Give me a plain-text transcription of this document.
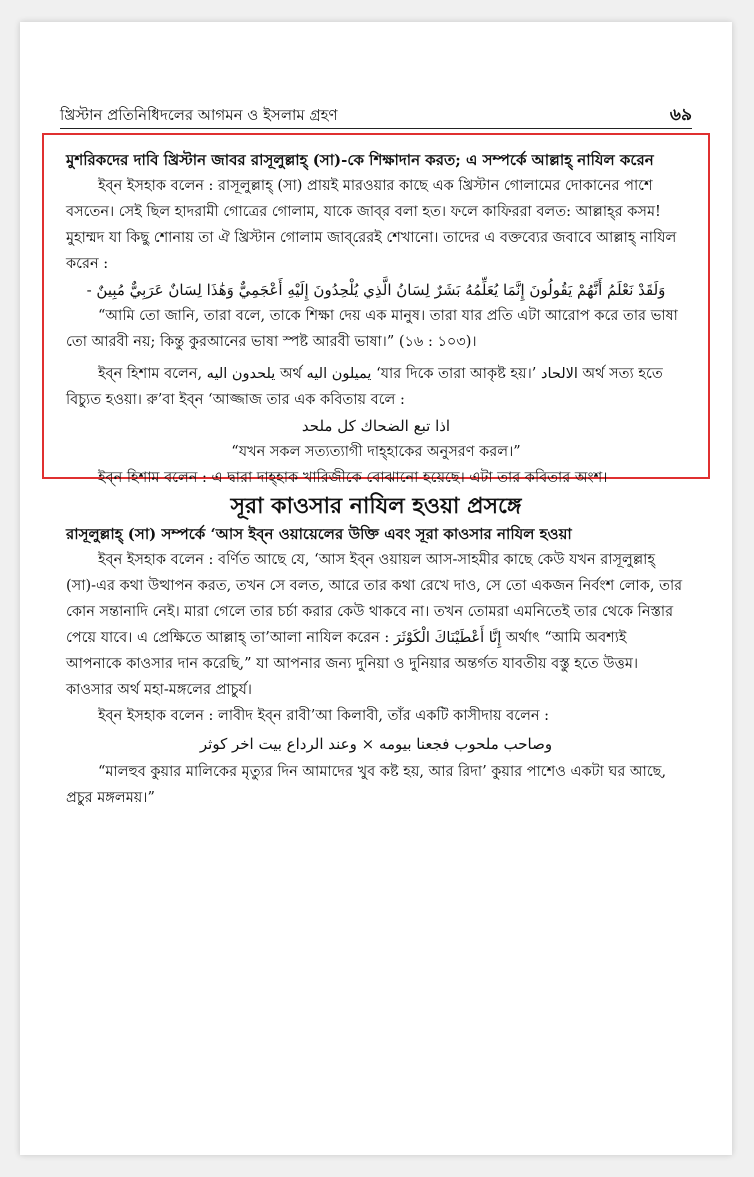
খ্রিস্টান প্রতিনিধিদলের আগমন ও ইসলাম গ্রহণ	৬৯

মুশরিকদের দাবি খ্রিস্টান জাবর রাসূলুল্লাহ্ (সা)-কে শিক্ষাদান করত; এ সম্পর্কে আল্লাহ্ নাযিল করেন

ইব্‌ন ইসহাক বলেন : রাসূলুল্লাহ্ (সা) প্রায়ই মারওয়ার কাছে এক খ্রিস্টান গোলামের দোকানের পাশে বসতেন। সেই ছিল হাদরামী গোত্রের গোলাম, যাকে জাব্‌র বলা হত। ফলে কাফিররা বলত: আল্লাহ্‌র কসম! মুহাম্মদ যা কিছু শোনায় তা ঐ খ্রিস্টান গোলাম জাব্‌রেরই শেখানো। তাদের এ বক্তব্যের জবাবে আল্লাহ্ নাযিল করেন :

وَلَقَدْ نَعْلَمُ أَنَّهُمْ يَقُولُونَ إِنَّمَا يُعَلِّمُهُ بَشَرٌ لِسَانُ الَّذِي يُلْحِدُونَ إِلَيْهِ أَعْجَمِيٌّ وَهَٰذَا لِسَانٌ عَرَبِيٌّ مُبِينٌ -

“আমি তো জানি, তারা বলে, তাকে শিক্ষা দেয় এক মানুষ। তারা যার প্রতি এটা আরোপ করে তার ভাষা তো আরবী নয়; কিন্তু কুরআনের ভাষা স্পষ্ট আরবী ভাষা।” (১৬ : ১০৩)।

ইব্‌ন হিশাম বলেন, يلحدون اليه অর্থ يميلون اليه ‘যার দিকে তারা আকৃষ্ট হয়।’ الالحاد অর্থ সত্য হতে বিচ্যুত হওয়া। রু’বা ইব্‌ন ‘আজ্জাজ তার এক কবিতায় বলে :

اذا تبع الضحاك كل ملحد

“যখন সকল সত্যত্যাগী দাহ্‌হাকের অনুসরণ করল।”

ইব্‌ন হিশাম বলেন : এ দ্বারা দাহ্‌হাক খারিজীকে বোঝানো হয়েছে। এটা তার কবিতার অংশ।

সূরা কাওসার নাযিল হওয়া প্রসঙ্গে

রাসূলুল্লাহ্ (সা) সম্পর্কে ‘আস ইব্‌ন ওয়ায়েলের উক্তি এবং সূরা কাওসার নাযিল হওয়া

ইব্‌ন ইসহাক বলেন : বর্ণিত আছে যে, ‘আস ইব্‌ন ওয়ায়ল আস-সাহমীর কাছে কেউ যখন রাসূলুল্লাহ্ (সা)-এর কথা উত্থাপন করত, তখন সে বলত, আরে তার কথা রেখে দাও, সে তো একজন নির্বংশ লোক, তার কোন সন্তানাদি নেই। মারা গেলে তার চর্চা করার কেউ থাকবে না। তখন তোমরা এমনিতেই তার থেকে নিস্তার পেয়ে যাবে। এ প্রেক্ষিতে আল্লাহ্ তা’আলা নাযিল করেন : إِنَّا أَعْطَيْنَاكَ الْكَوْثَرَ অর্থাৎ “আমি অবশ্যই আপনাকে কাওসার দান করেছি,” যা আপনার জন্য দুনিয়া ও দুনিয়ার অন্তর্গত যাবতীয় বস্তু হতে উত্তম। কাওসার অর্থ মহা-মঙ্গলের প্রাচুর্য।

ইব্‌ন ইসহাক বলেন : লাবীদ ইব্‌ন রাবী’আ কিলাবী, তাঁর একটি কাসীদায় বলেন :

وصاحب ملحوب فجعنا بيومه × وعند الرداع بيت اخر كوثر

“মালহুব কুয়ার মালিকের মৃত্যুর দিন আমাদের খুব কষ্ট হয়, আর রিদা’ কুয়ার পাশেও একটা ঘর আছে, প্রচুর মঙ্গলময়।”
